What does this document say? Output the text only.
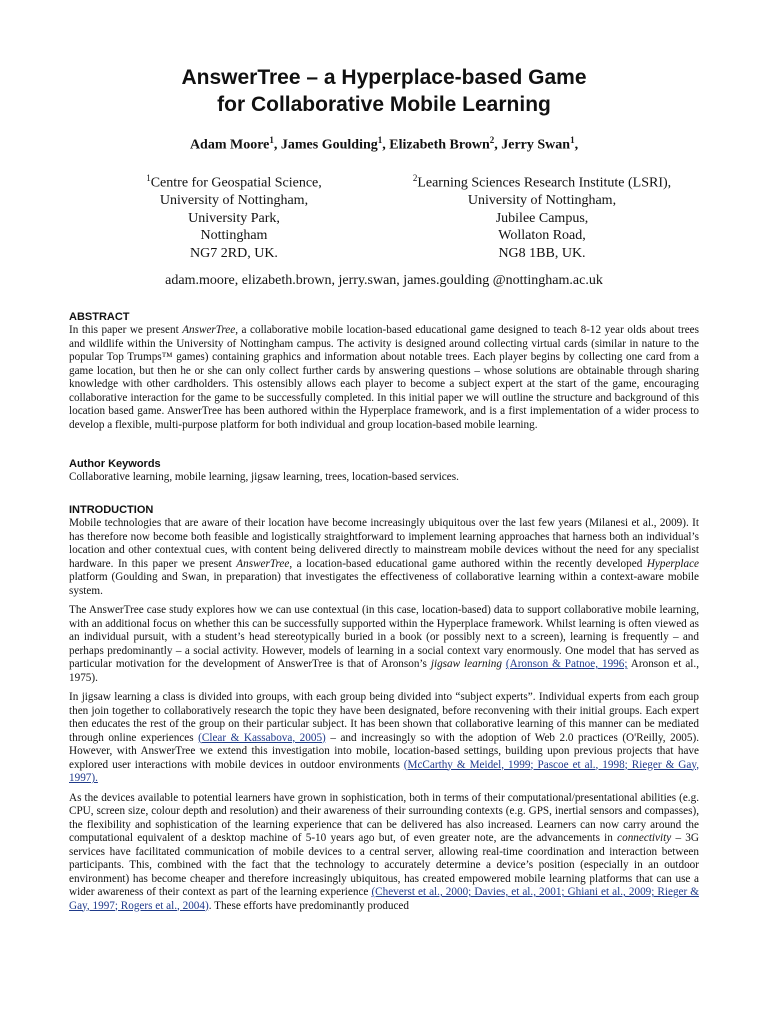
AnswerTree – a Hyperplace-based Game
for Collaborative Mobile Learning
Adam Moore$^1$, James Goulding$^1$, Elizabeth Brown$^2$, Jerry Swan$^1$,
$^1$Centre for Geospatial Science,
University of Nottingham,
University Park,
Nottingham
NG7 2RD, UK.
$^2$Learning Sciences Research Institute (LSRI),
University of Nottingham,
Jubilee Campus,
Wollaton Road,
NG8 1BB, UK.
adam.moore, elizabeth.brown, jerry.swan, james.goulding @nottingham.ac.uk
ABSTRACT

In this paper we present AnswerTree, a collaborative mobile location-based educational game designed to teach 8-12 year olds about trees and wildlife within the University of Nottingham campus. The activity is designed around collecting virtual cards (similar in nature to the popular Top Trumps™ games) containing graphics and information about notable trees. Each player begins by collecting one card from a game location, but then he or she can only collect further cards by answering questions – whose solutions are obtainable through sharing knowledge with other cardholders. This ostensibly allows each player to become a subject expert at the start of the game, encouraging collaborative interaction for the game to be successfully completed. In this initial paper we will outline the structure and background of this location based game. AnswerTree has been authored within the Hyperplace framework, and is a first implementation of a wider process to develop a flexible, multi-purpose platform for both individual and group location-based mobile learning.

Author Keywords

Collaborative learning, mobile learning, jigsaw learning, trees, location-based services.

INTRODUCTION

Mobile technologies that are aware of their location have become increasingly ubiquitous over the last few years (Milanesi et al., 2009). It has therefore now become both feasible and logistically straightforward to implement learning approaches that harness both an individual’s location and other contextual cues, with content being delivered directly to mainstream mobile devices without the need for any specialist hardware. In this paper we present AnswerTree, a location-based educational game authored within the recently developed Hyperplace platform (Goulding and Swan, in preparation) that investigates the effectiveness of collaborative learning within a context-aware mobile system.

The AnswerTree case study explores how we can use contextual (in this case, location-based) data to support collaborative mobile learning, with an additional focus on whether this can be successfully supported within the Hyperplace framework. Whilst learning is often viewed as an individual pursuit, with a student’s head stereotypically buried in a book (or possibly next to a screen), learning is frequently – and perhaps predominantly – a social activity. However, models of learning in a social context vary enormously. One model that has served as particular motivation for the development of AnswerTree is that of Aronson’s jigsaw learning (Aronson & Patnoe, 1996; Aronson et al., 1975).

In jigsaw learning a class is divided into groups, with each group being divided into “subject experts”. Individual experts from each group then join together to collaboratively research the topic they have been designated, before reconvening with their initial groups. Each expert then educates the rest of the group on their particular subject. It has been shown that collaborative learning of this manner can be mediated through online experiences (Clear & Kassabova, 2005) – and increasingly so with the adoption of Web 2.0 practices (O'Reilly, 2005). However, with AnswerTree we extend this investigation into mobile, location-based settings, building upon previous projects that have explored user interactions with mobile devices in outdoor environments (McCarthy & Meidel, 1999; Pascoe et al., 1998; Rieger & Gay, 1997).

As the devices available to potential learners have grown in sophistication, both in terms of their computational/presentational abilities (e.g. CPU, screen size, colour depth and resolution) and their awareness of their surrounding contexts (e.g. GPS, inertial sensors and compasses), the flexibility and sophistication of the learning experience that can be delivered has also increased. Learners can now carry around the computational equivalent of a desktop machine of 5-10 years ago but, of even greater note, are the advancements in connectivity – 3G services have facilitated communication of mobile devices to a central server, allowing real-time coordination and interaction between participants. This, combined with the fact that the technology to accurately determine a device’s position (especially in an outdoor environment) has become cheaper and therefore increasingly ubiquitous, has created empowered mobile learning platforms that can use a wider awareness of their context as part of the learning experience (Cheverst et al., 2000; Davies, et al., 2001; Ghiani et al., 2009; Rieger & Gay, 1997; Rogers et al., 2004). These efforts have predominantly produced
